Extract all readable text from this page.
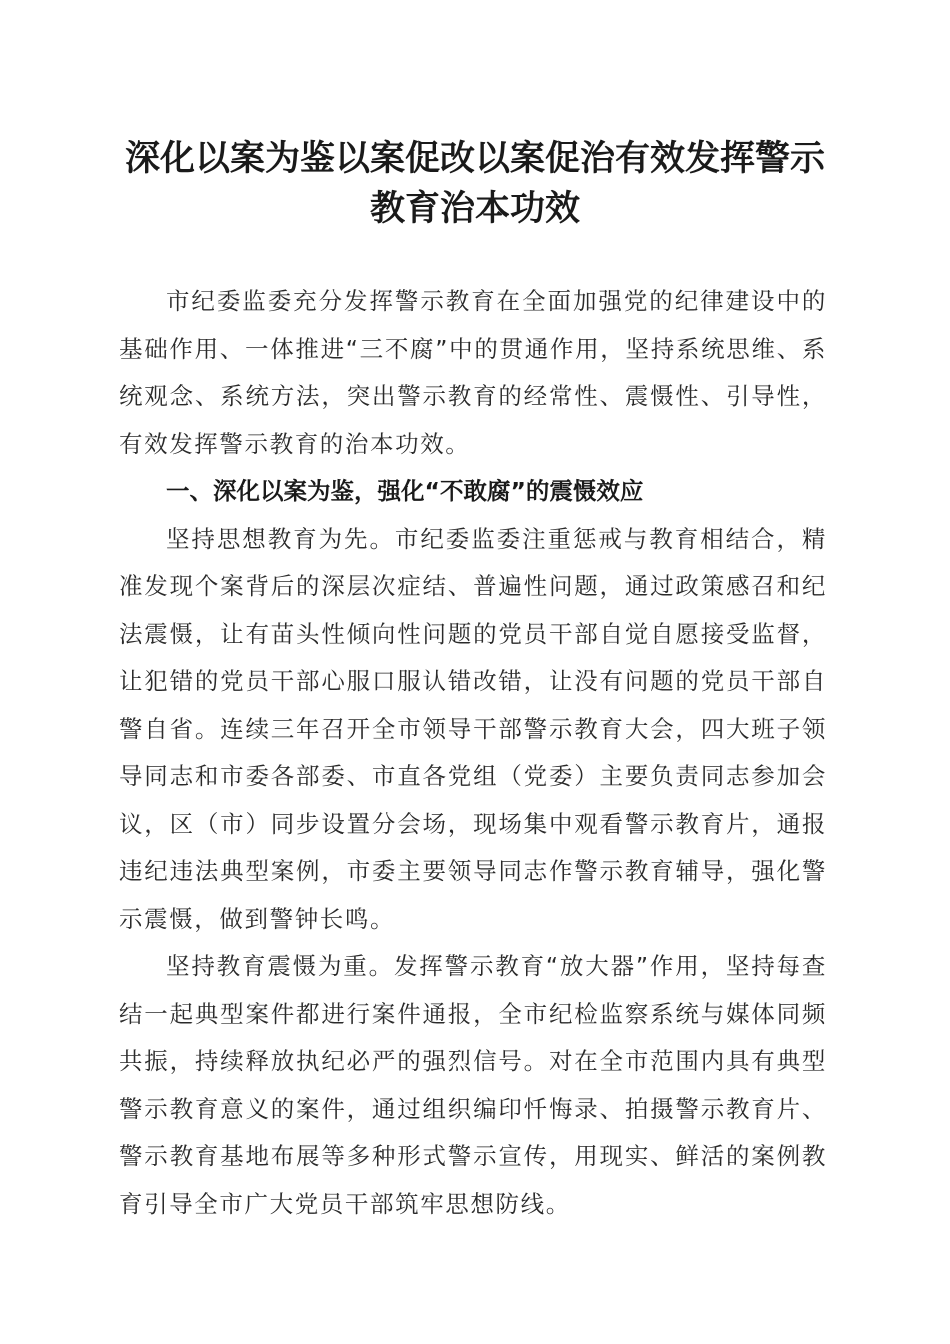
深化以案为鉴以案促改以案促治有效发挥警示教育治本功效

市纪委监委充分发挥警示教育在全面加强党的纪律建设中的基础作用、一体推进“三不腐”中的贯通作用，坚持系统思维、系统观念、系统方法，突出警示教育的经常性、震慑性、引导性，有效发挥警示教育的治本功效。

一、深化以案为鉴，强化“不敢腐”的震慑效应

坚持思想教育为先。市纪委监委注重惩戒与教育相结合，精准发现个案背后的深层次症结、普遍性问题，通过政策感召和纪法震慑，让有苗头性倾向性问题的党员干部自觉自愿接受监督，让犯错的党员干部心服口服认错改错，让没有问题的党员干部自警自省。连续三年召开全市领导干部警示教育大会，四大班子领导同志和市委各部委、市直各党组（党委）主要负责同志参加会议，区（市）同步设置分会场，现场集中观看警示教育片，通报违纪违法典型案例，市委主要领导同志作警示教育辅导，强化警示震慑，做到警钟长鸣。

坚持教育震慑为重。发挥警示教育“放大器”作用，坚持每查结一起典型案件都进行案件通报，全市纪检监察系统与媒体同频共振，持续释放执纪必严的强烈信号。对在全市范围内具有典型警示教育意义的案件，通过组织编印忏悔录、拍摄警示教育片、警示教育基地布展等多种形式警示宣传，用现实、鲜活的案例教育引导全市广大党员干部筑牢思想防线。
